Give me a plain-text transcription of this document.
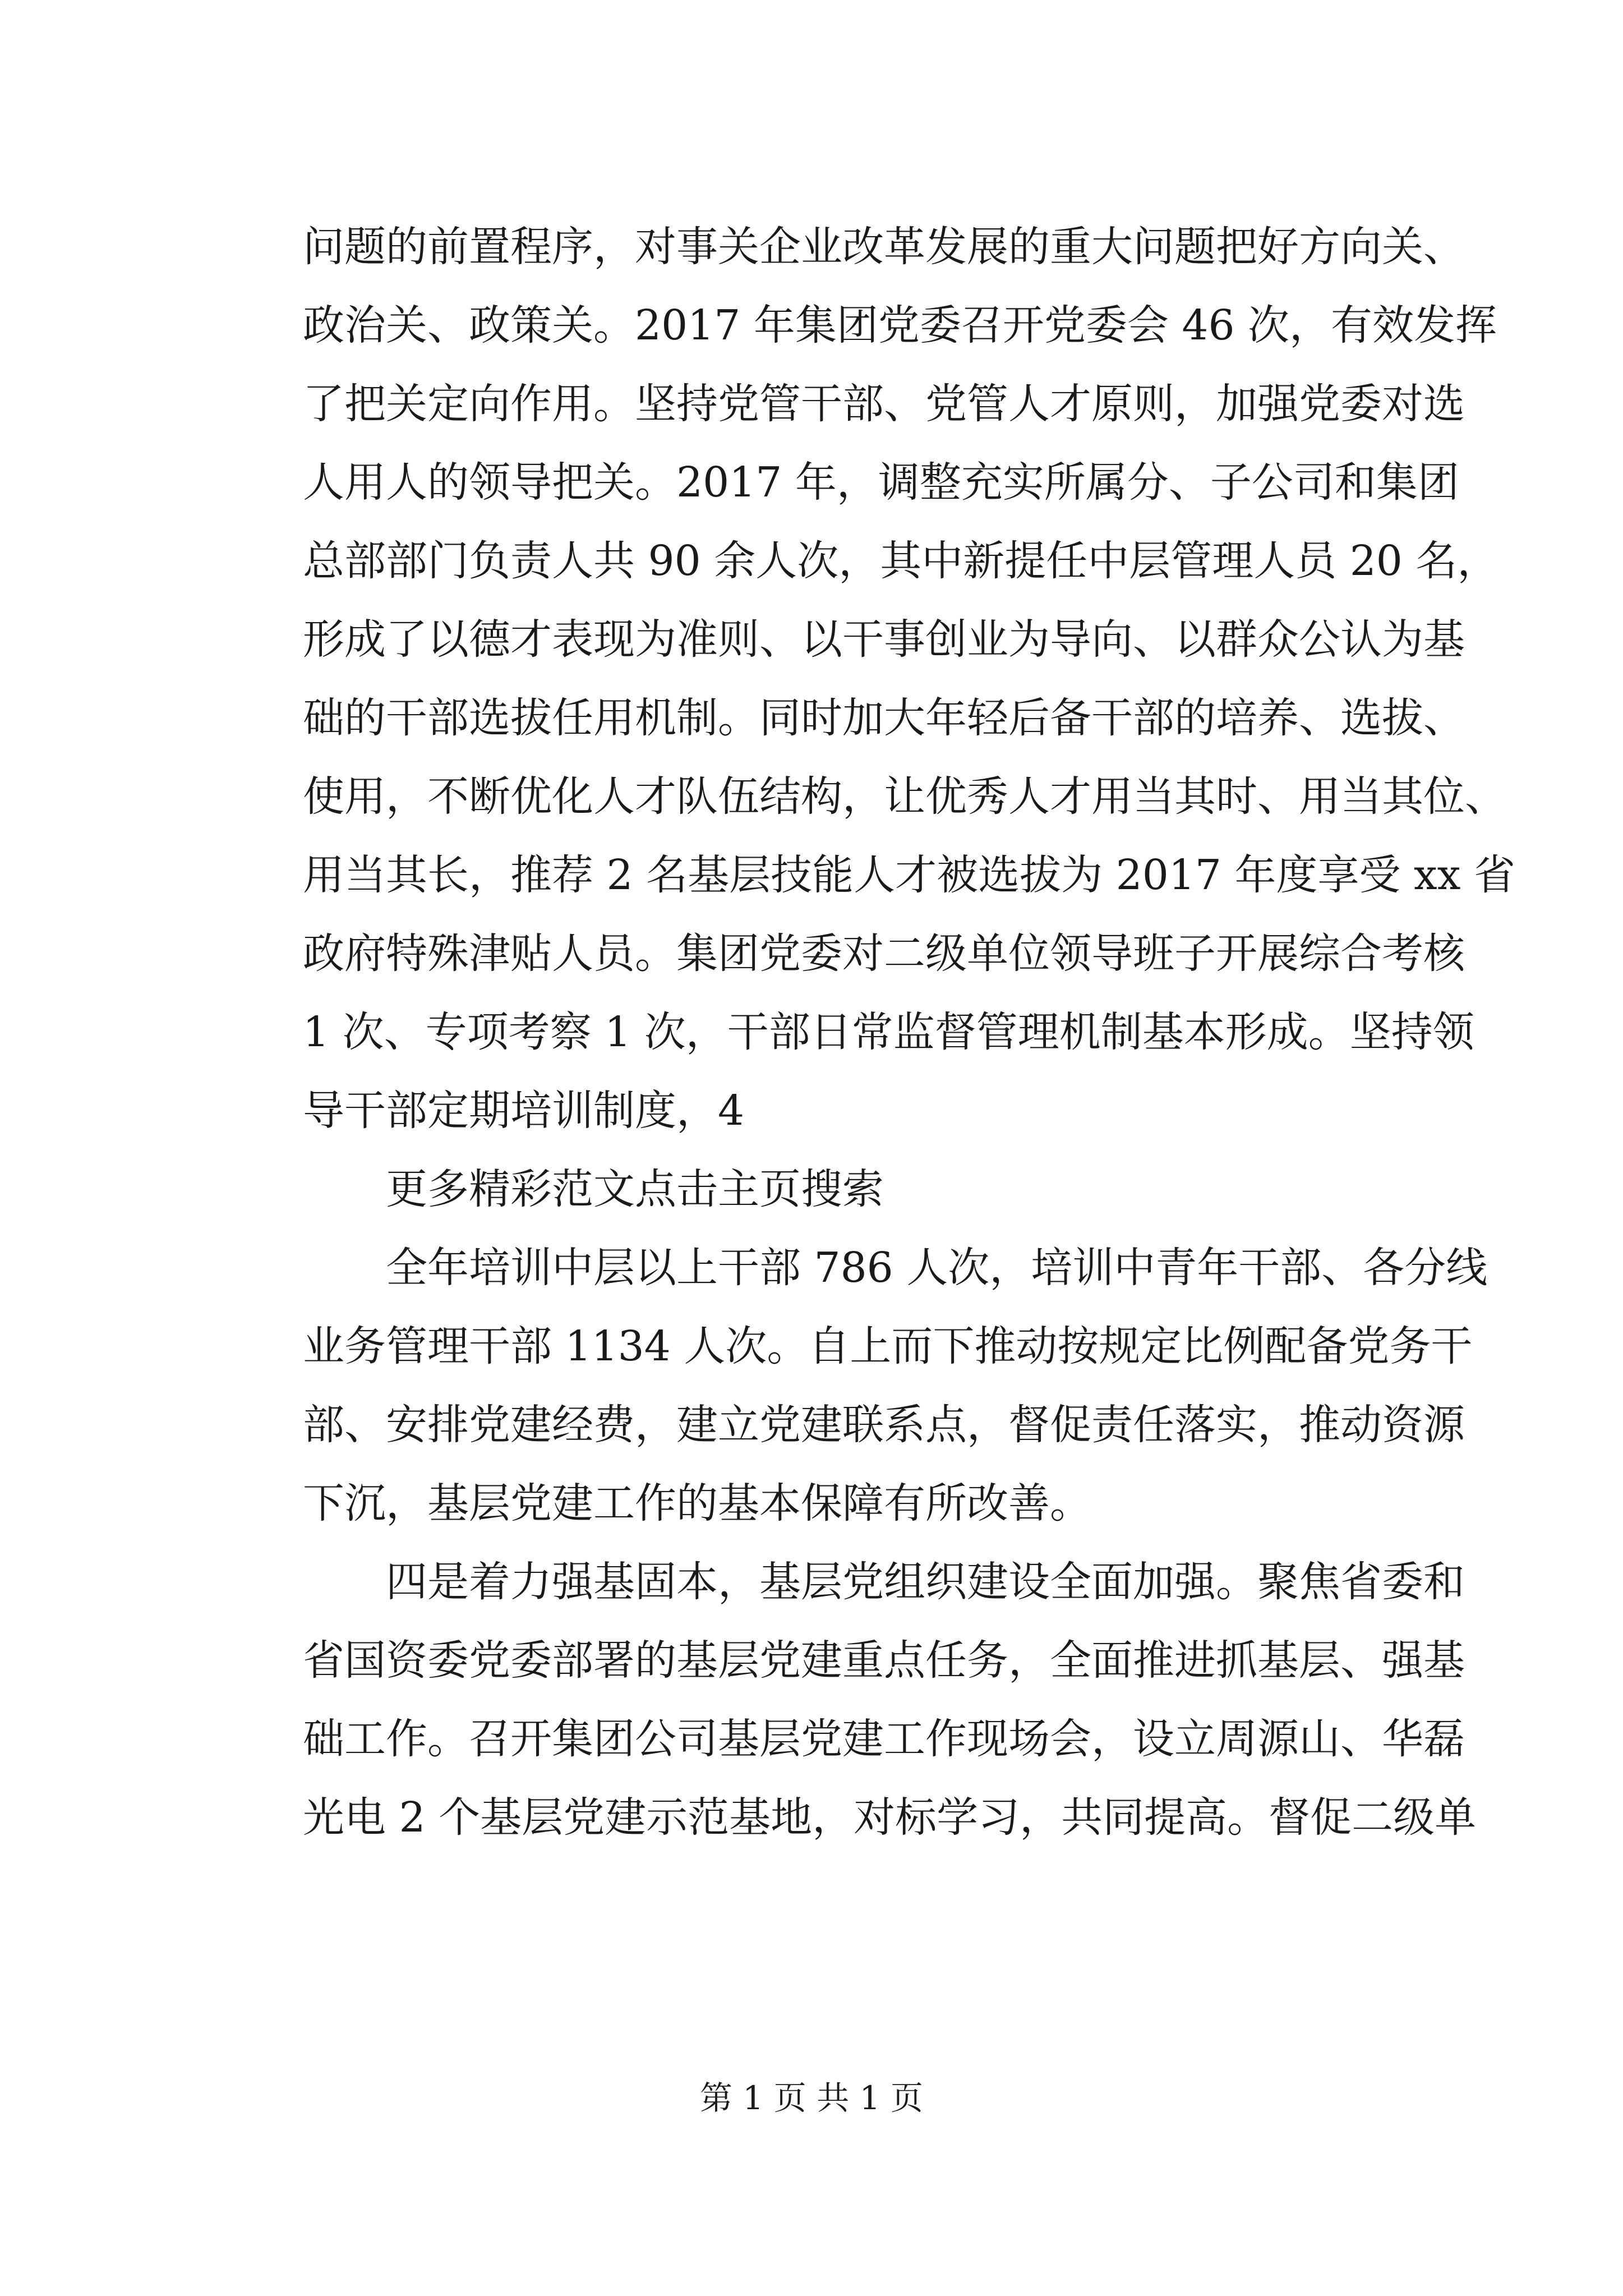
问题的前置程序，对事关企业改革发展的重大问题把好方向关、
政治关、政策关。2017 年集团党委召开党委会 46 次，有效发挥
了把关定向作用。坚持党管干部、党管人才原则，加强党委对选
人用人的领导把关。2017 年，调整充实所属分、子公司和集团
总部部门负责人共 90 余人次，其中新提任中层管理人员 20 名，
形成了以德才表现为准则、以干事创业为导向、以群众公认为基
础的干部选拔任用机制。同时加大年轻后备干部的培养、选拔、
使用，不断优化人才队伍结构，让优秀人才用当其时、用当其位、
用当其长，推荐 2 名基层技能人才被选拔为 2017 年度享受 xx 省
政府特殊津贴人员。集团党委对二级单位领导班子开展综合考核
1 次、专项考察 1 次，干部日常监督管理机制基本形成。坚持领
导干部定期培训制度，4
　　更多精彩范文点击主页搜索
　　全年培训中层以上干部 786 人次，培训中青年干部、各分线
业务管理干部 1134 人次。自上而下推动按规定比例配备党务干
部、安排党建经费，建立党建联系点，督促责任落实，推动资源
下沉，基层党建工作的基本保障有所改善。
　　四是着力强基固本，基层党组织建设全面加强。聚焦省委和
省国资委党委部署的基层党建重点任务，全面推进抓基层、强基
础工作。召开集团公司基层党建工作现场会，设立周源山、华磊
光电 2 个基层党建示范基地，对标学习，共同提高。督促二级单
第 1 页 共 1 页
